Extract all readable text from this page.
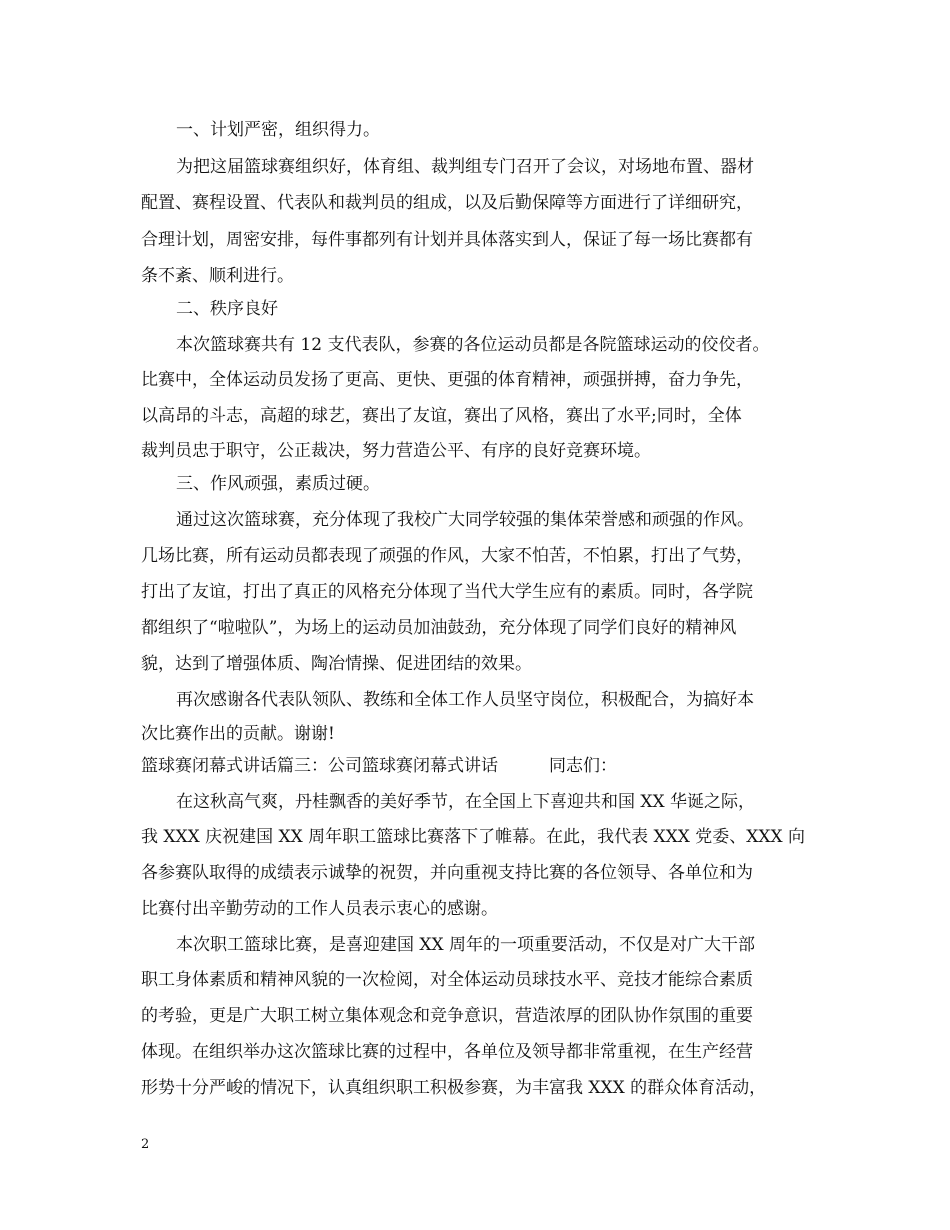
一、计划严密，组织得力。
为把这届篮球赛组织好，体育组、裁判组专门召开了会议，对场地布置、器材
配置、赛程设置、代表队和裁判员的组成，以及后勤保障等方面进行了详细研究，
合理计划，周密安排，每件事都列有计划并具体落实到人，保证了每一场比赛都有
条不紊、顺利进行。
二、秩序良好
本次篮球赛共有 12 支代表队，参赛的各位运动员都是各院篮球运动的佼佼者。
比赛中，全体运动员发扬了更高、更快、更强的体育精神，顽强拼搏，奋力争先，
以高昂的斗志，高超的球艺，赛出了友谊，赛出了风格，赛出了水平;同时，全体
裁判员忠于职守，公正裁决，努力营造公平、有序的良好竞赛环境。
三、作风顽强，素质过硬。
通过这次篮球赛，充分体现了我校广大同学较强的集体荣誉感和顽强的作风。
几场比赛，所有运动员都表现了顽强的作风，大家不怕苦，不怕累，打出了气势，
打出了友谊，打出了真正的风格充分体现了当代大学生应有的素质。同时，各学院
都组织了“啦啦队”，为场上的运动员加油鼓劲，充分体现了同学们良好的精神风
貌，达到了增强体质、陶冶情操、促进团结的效果。
再次感谢各代表队领队、教练和全体工作人员坚守岗位，积极配合，为搞好本
次比赛作出的贡献。谢谢!
篮球赛闭幕式讲话篇三：公司篮球赛闭幕式讲话　　　同志们：
在这秋高气爽，丹桂飘香的美好季节，在全国上下喜迎共和国 XX 华诞之际，
我 XXX 庆祝建国 XX 周年职工篮球比赛落下了帷幕。在此，我代表 XXX 党委、XXX 向
各参赛队取得的成绩表示诚挚的祝贺，并向重视支持比赛的各位领导、各单位和为
比赛付出辛勤劳动的工作人员表示衷心的感谢。
本次职工篮球比赛，是喜迎建国 XX 周年的一项重要活动，不仅是对广大干部
职工身体素质和精神风貌的一次检阅，对全体运动员球技水平、竞技才能综合素质
的考验，更是广大职工树立集体观念和竞争意识，营造浓厚的团队协作氛围的重要
体现。在组织举办这次篮球比赛的过程中，各单位及领导都非常重视，在生产经营
形势十分严峻的情况下，认真组织职工积极参赛，为丰富我 XXX 的群众体育活动，
2
